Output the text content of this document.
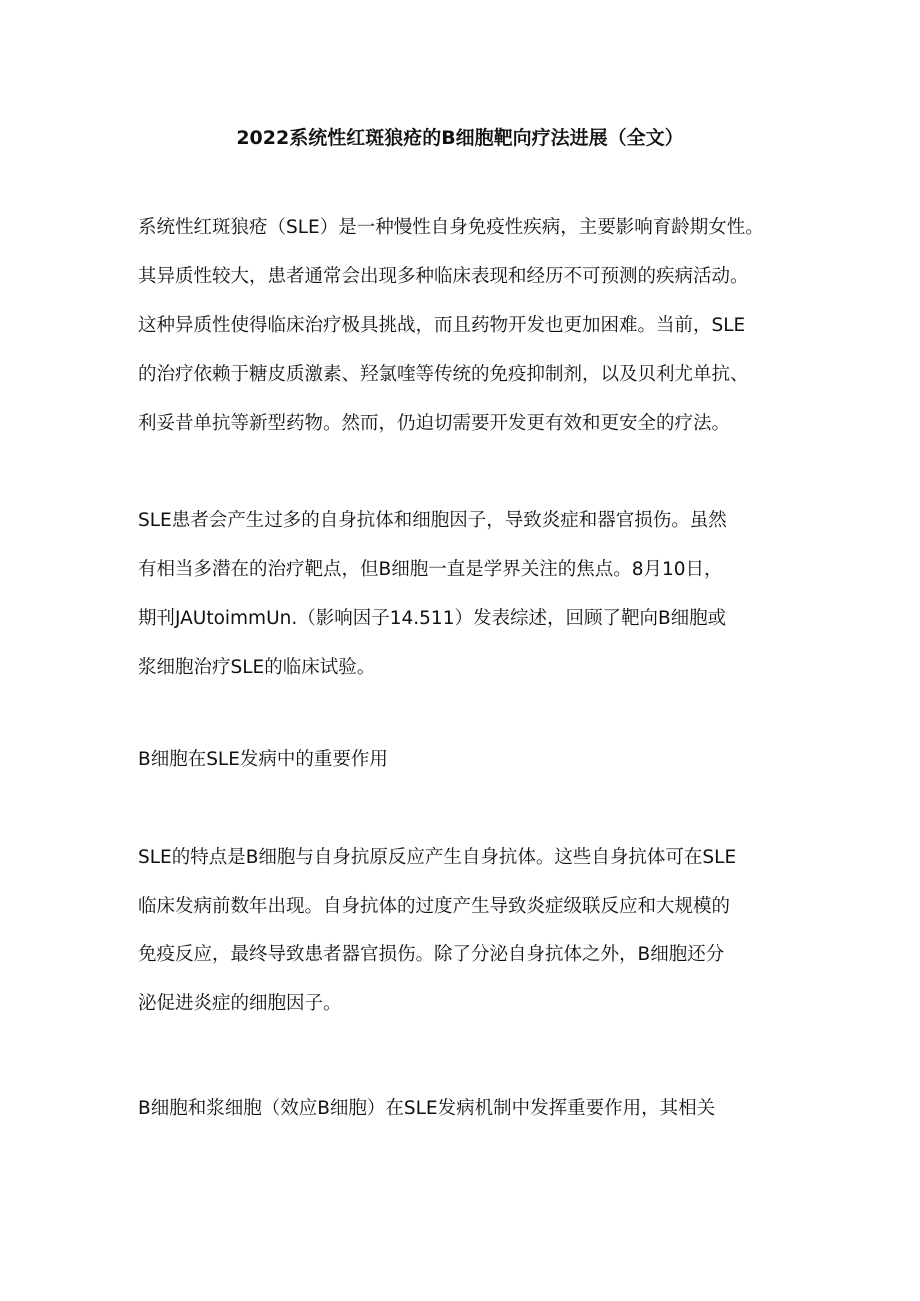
2022系统性红斑狼疮的B细胞靶向疗法进展（全文）

系统性红斑狼疮（SLE）是一种慢性自身免疫性疾病，主要影响育龄期女性。

其异质性较大，患者通常会出现多种临床表现和经历不可预测的疾病活动。

这种异质性使得临床治疗极具挑战，而且药物开发也更加困难。当前，SLE

的治疗依赖于糖皮质激素、羟氯喹等传统的免疫抑制剂，以及贝利尤单抗、

利妥昔单抗等新型药物。然而，仍迫切需要开发更有效和更安全的疗法。

SLE患者会产生过多的自身抗体和细胞因子，导致炎症和器官损伤。虽然

有相当多潜在的治疗靶点，但B细胞一直是学界关注的焦点。8月10日，

期刊JAUtoimmUn.（影响因子14.511）发表综述，回顾了靶向B细胞或

浆细胞治疗SLE的临床试验。

B细胞在SLE发病中的重要作用

SLE的特点是B细胞与自身抗原反应产生自身抗体。这些自身抗体可在SLE

临床发病前数年出现。自身抗体的过度产生导致炎症级联反应和大规模的

免疫反应，最终导致患者器官损伤。除了分泌自身抗体之外，B细胞还分

泌促进炎症的细胞因子。

B细胞和浆细胞（效应B细胞）在SLE发病机制中发挥重要作用，其相关
